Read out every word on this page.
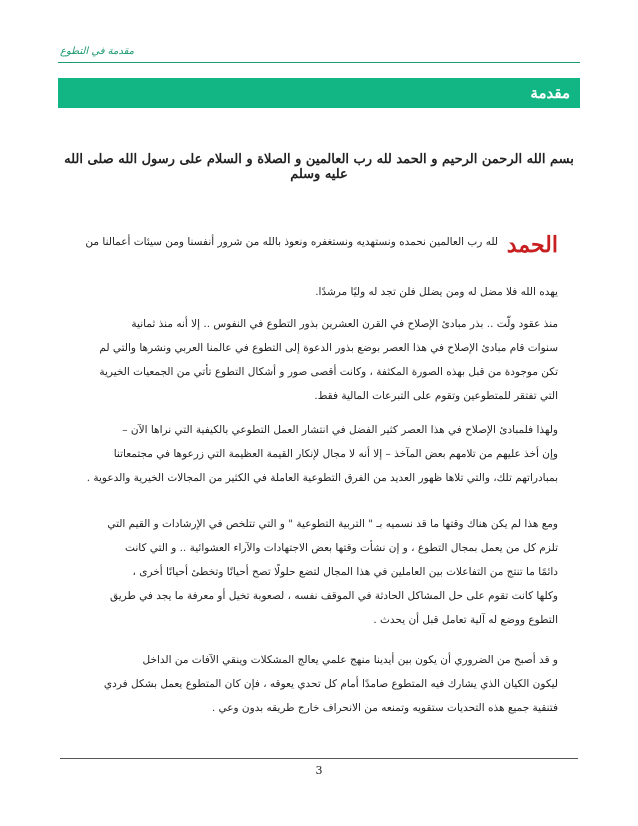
مقدمة في التطوع
مقدمة
بسم الله الرحمن الرحيم و الحمد لله رب العالمين و الصلاة و السلام على رسول الله صلى الله عليه وسلم
الحمد
لله رب العالمين نحمده ونستهديه ونستغفره ونعوذ بالله من شرور أنفسنا ومن سيئات أعمالنا من
يهده الله فلا مضل له ومن يضلل فلن تجد له وليًا مرشدًا.
منذ عقود ولّت .. بذر مبادئ الإصلاح في القرن العشرين بذور التطوع في النفوس .. إلا أنه منذ ثمانية
سنوات قام مبادئ الإصلاح في هذا العصر بوضع بذور الدعوة إلى التطوع في عالمنا العربي ونشرها والتي لم
تكن موجودة من قبل بهذه الصورة المكثفة ، وكانت أقصى صور و أشكال التطوع تأتي من الجمعيات الخيرية
التي تفتقر للمتطوعين وتقوم على التبرعات المالية فقط.
ولهذا فلمبادئ الإصلاح في هذا العصر كثير الفضل في انتشار العمل التطوعي بالكيفية التي نراها الآن –
وإن أخذ عليهم من تلامهم بعض المآخذ – إلا أنه لا مجال لإنكار القيمة العظيمة التي زرعوها في مجتمعاتنا
بمبادراتهم تلك، والتي تلاها ظهور العديد من الفرق التطوعية العاملة في الكثير من المجالات الخيرية والدعوية .
ومع هذا لم يكن هناك وقتها ما قد نسميه بـ " التربية التطوعية " و التي تتلخص في الإرشادات و القيم التي
تلزم كل من يعمل بمجال التطوع ، و إن نشأت وقتها بعض الاجتهادات والآراء العشوائية .. و التي كانت
دائمًا ما تنتج من التفاعلات بين العاملين في هذا المجال لتضع حلولًا تصح أحيانًا وتخطئ أحيانًا أخرى ،
وكلها كانت تقوم على حل المشاكل الحادثة في الموقف نفسه ، لصعوبة تخيل أو معرفة ما يجد في طريق
التطوع ووضع له آلية تعامل قبل أن يحدث .
و قد أصبح من الضروري أن يكون بين أيدينا منهج علمي يعالج المشكلات وينقي الآفات من الداخل
ليكون الكيان الذي يشارك فيه المتطوع صامدًا أمام كل تحدي يعوقه ، فإن كان المتطوع يعمل بشكل فردي
فتنقية جميع هذه التحديات ستقويه وتمنعه من الانحراف خارج طريقه بدون وعي .
3
